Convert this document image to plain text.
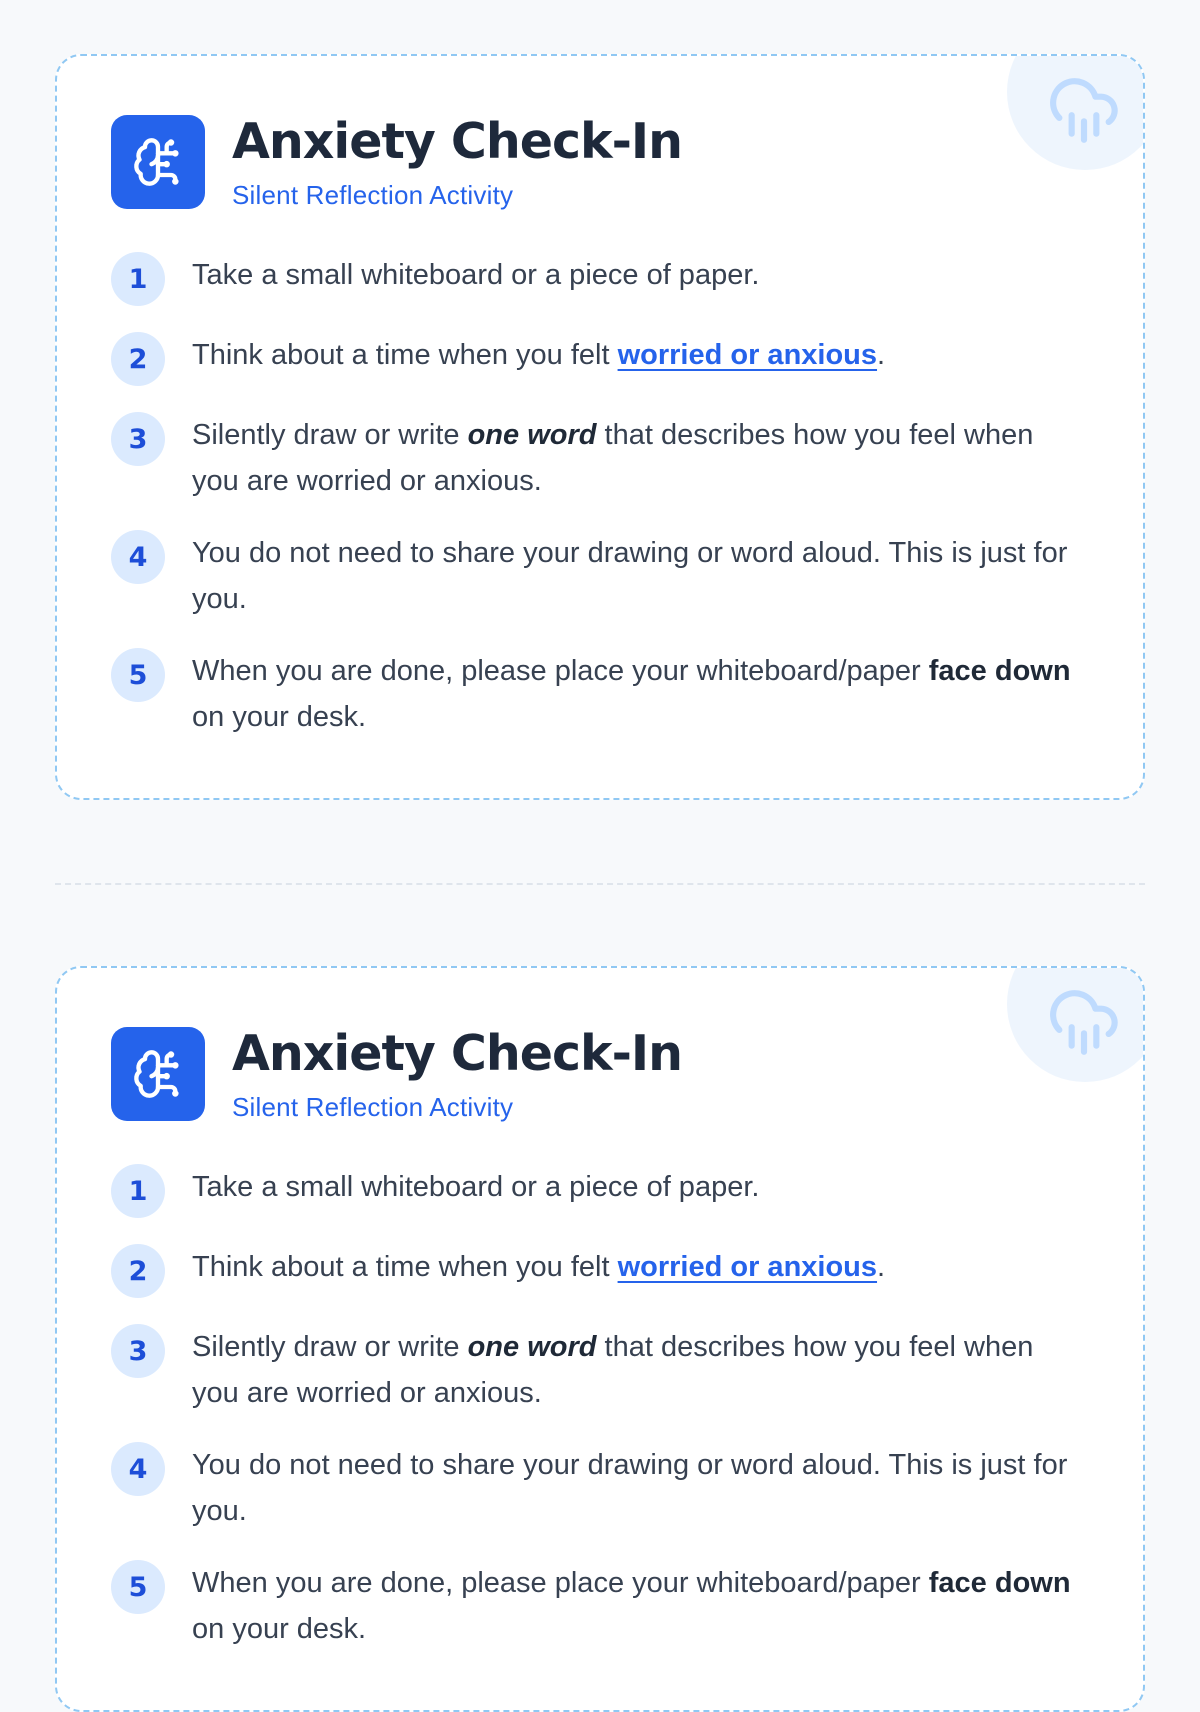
Anxiety Check-In
Silent Reflection Activity
1	Take a small whiteboard or a piece of paper.
2	Think about a time when you felt worried or anxious.
3	Silently draw or write one word that describes how you feel when you are worried or anxious.
4	You do not need to share your drawing or word aloud. This is just for you.
5	When you are done, please place your whiteboard/paper face down on your desk.
Anxiety Check-In
Silent Reflection Activity
1	Take a small whiteboard or a piece of paper.
2	Think about a time when you felt worried or anxious.
3	Silently draw or write one word that describes how you feel when you are worried or anxious.
4	You do not need to share your drawing or word aloud. This is just for you.
5	When you are done, please place your whiteboard/paper face down on your desk.
